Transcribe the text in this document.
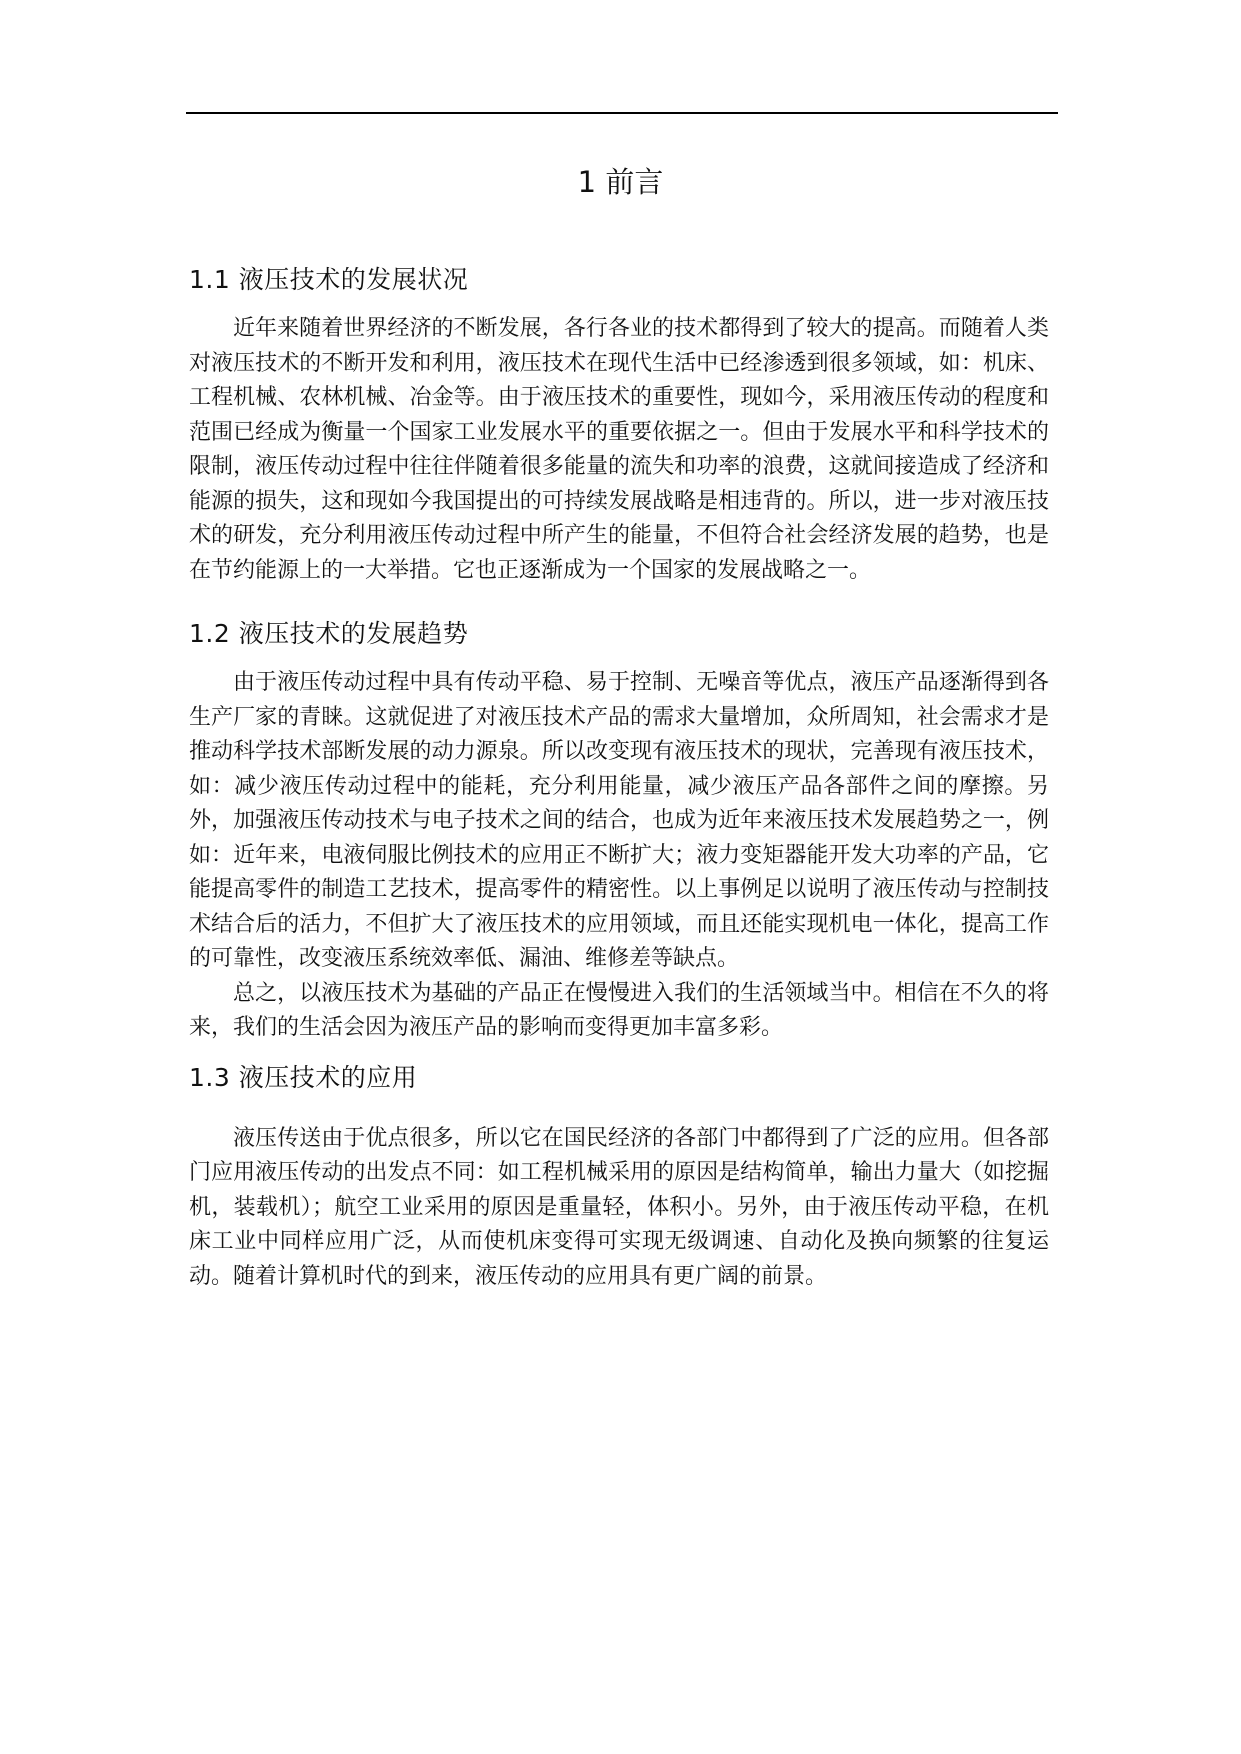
1 前言
1.1 液压技术的发展状况

近年来随着世界经济的不断发展，各行各业的技术都得到了较大的提高。而随着人类对液压技术的不断开发和利用，液压技术在现代生活中已经渗透到很多领域，如：机床、工程机械、农林机械、冶金等。由于液压技术的重要性，现如今，采用液压传动的程度和范围已经成为衡量一个国家工业发展水平的重要依据之一。但由于发展水平和科学技术的限制，液压传动过程中往往伴随着很多能量的流失和功率的浪费，这就间接造成了经济和能源的损失，这和现如今我国提出的可持续发展战略是相违背的。所以，进一步对液压技术的研发，充分利用液压传动过程中所产生的能量，不但符合社会经济发展的趋势，也是在节约能源上的一大举措。它也正逐渐成为一个国家的发展战略之一。

1.2 液压技术的发展趋势

由于液压传动过程中具有传动平稳、易于控制、无噪音等优点，液压产品逐渐得到各生产厂家的青睐。这就促进了对液压技术产品的需求大量增加，众所周知，社会需求才是推动科学技术部断发展的动力源泉。所以改变现有液压技术的现状，完善现有液压技术，如：减少液压传动过程中的能耗，充分利用能量，减少液压产品各部件之间的摩擦。另外，加强液压传动技术与电子技术之间的结合，也成为近年来液压技术发展趋势之一，例如：近年来，电液伺服比例技术的应用正不断扩大；液力变矩器能开发大功率的产品，它能提高零件的制造工艺技术，提高零件的精密性。以上事例足以说明了液压传动与控制技术结合后的活力，不但扩大了液压技术的应用领域，而且还能实现机电一体化，提高工作的可靠性，改变液压系统效率低、漏油、维修差等缺点。

总之，以液压技术为基础的产品正在慢慢进入我们的生活领域当中。相信在不久的将来，我们的生活会因为液压产品的影响而变得更加丰富多彩。

1.3 液压技术的应用

液压传送由于优点很多，所以它在国民经济的各部门中都得到了广泛的应用。但各部门应用液压传动的出发点不同：如工程机械采用的原因是结构简单，输出力量大（如挖掘机，装载机）；航空工业采用的原因是重量轻，体积小。另外，由于液压传动平稳，在机床工业中同样应用广泛，从而使机床变得可实现无级调速、自动化及换向频繁的往复运动。随着计算机时代的到来，液压传动的应用具有更广阔的前景。
